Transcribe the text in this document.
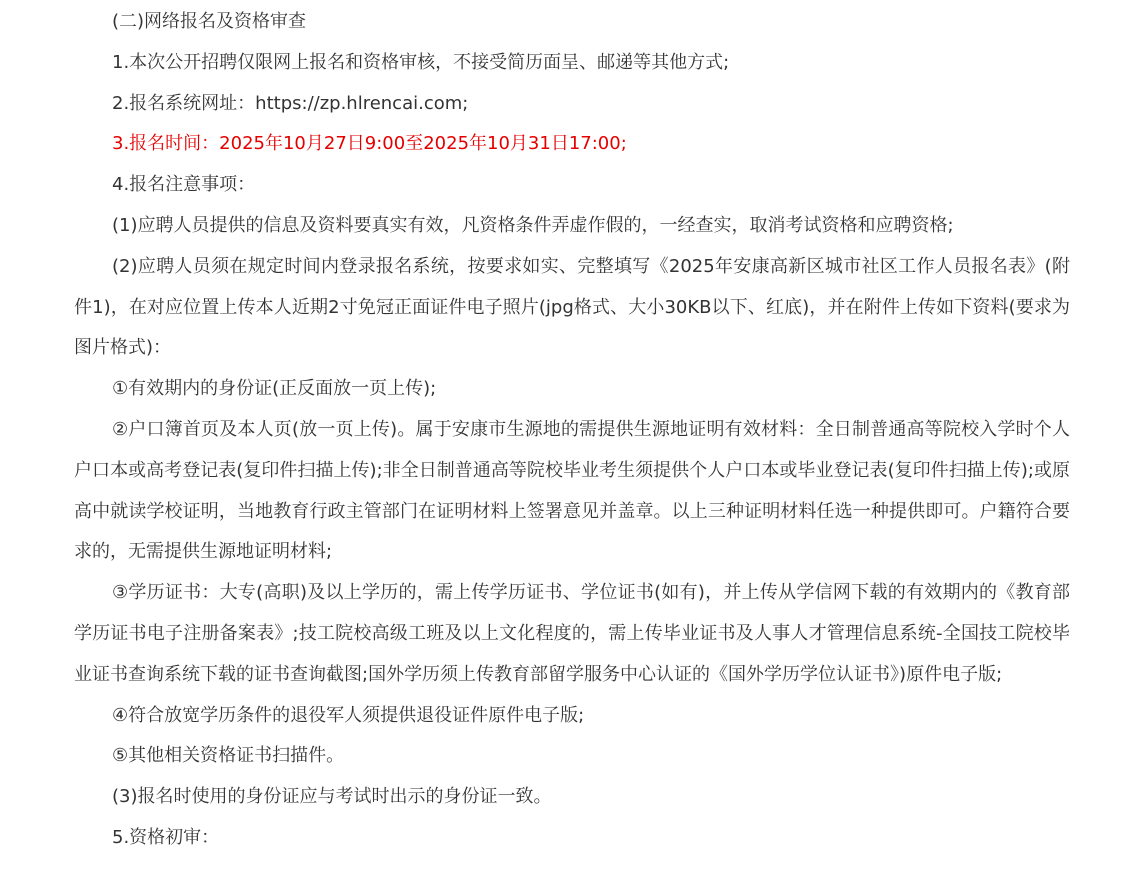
(二)网络报名及资格审查

1.本次公开招聘仅限网上报名和资格审核，不接受简历面呈、邮递等其他方式;

2.报名系统网址：https://zp.hlrencai.com;

3.报名时间：2025年10月27日9:00至2025年10月31日17:00;

4.报名注意事项：

(1)应聘人员提供的信息及资料要真实有效，凡资格条件弄虚作假的，一经查实，取消考试资格和应聘资格;

(2)应聘人员须在规定时间内登录报名系统，按要求如实、完整填写《2025年安康高新区城市社区工作人员报名表》(附件1)，在对应位置上传本人近期2寸免冠正面证件电子照片(jpg格式、大小30KB以下、红底)，并在附件上传如下资料(要求为图片格式)：

①有效期内的身份证(正反面放一页上传);

②户口簿首页及本人页(放一页上传)。属于安康市生源地的需提供生源地证明有效材料：全日制普通高等院校入学时个人户口本或高考登记表(复印件扫描上传);非全日制普通高等院校毕业考生须提供个人户口本或毕业登记表(复印件扫描上传);或原高中就读学校证明，当地教育行政主管部门在证明材料上签署意见并盖章。以上三种证明材料任选一种提供即可。户籍符合要求的，无需提供生源地证明材料;

③学历证书：大专(高职)及以上学历的，需上传学历证书、学位证书(如有)，并上传从学信网下载的有效期内的《教育部学历证书电子注册备案表》;技工院校高级工班及以上文化程度的，需上传毕业证书及人事人才管理信息系统-全国技工院校毕业证书查询系统下载的证书查询截图;国外学历须上传教育部留学服务中心认证的《国外学历学位认证书》)原件电子版;

④符合放宽学历条件的退役军人须提供退役证件原件电子版;

⑤其他相关资格证书扫描件。

(3)报名时使用的身份证应与考试时出示的身份证一致。

5.资格初审：
